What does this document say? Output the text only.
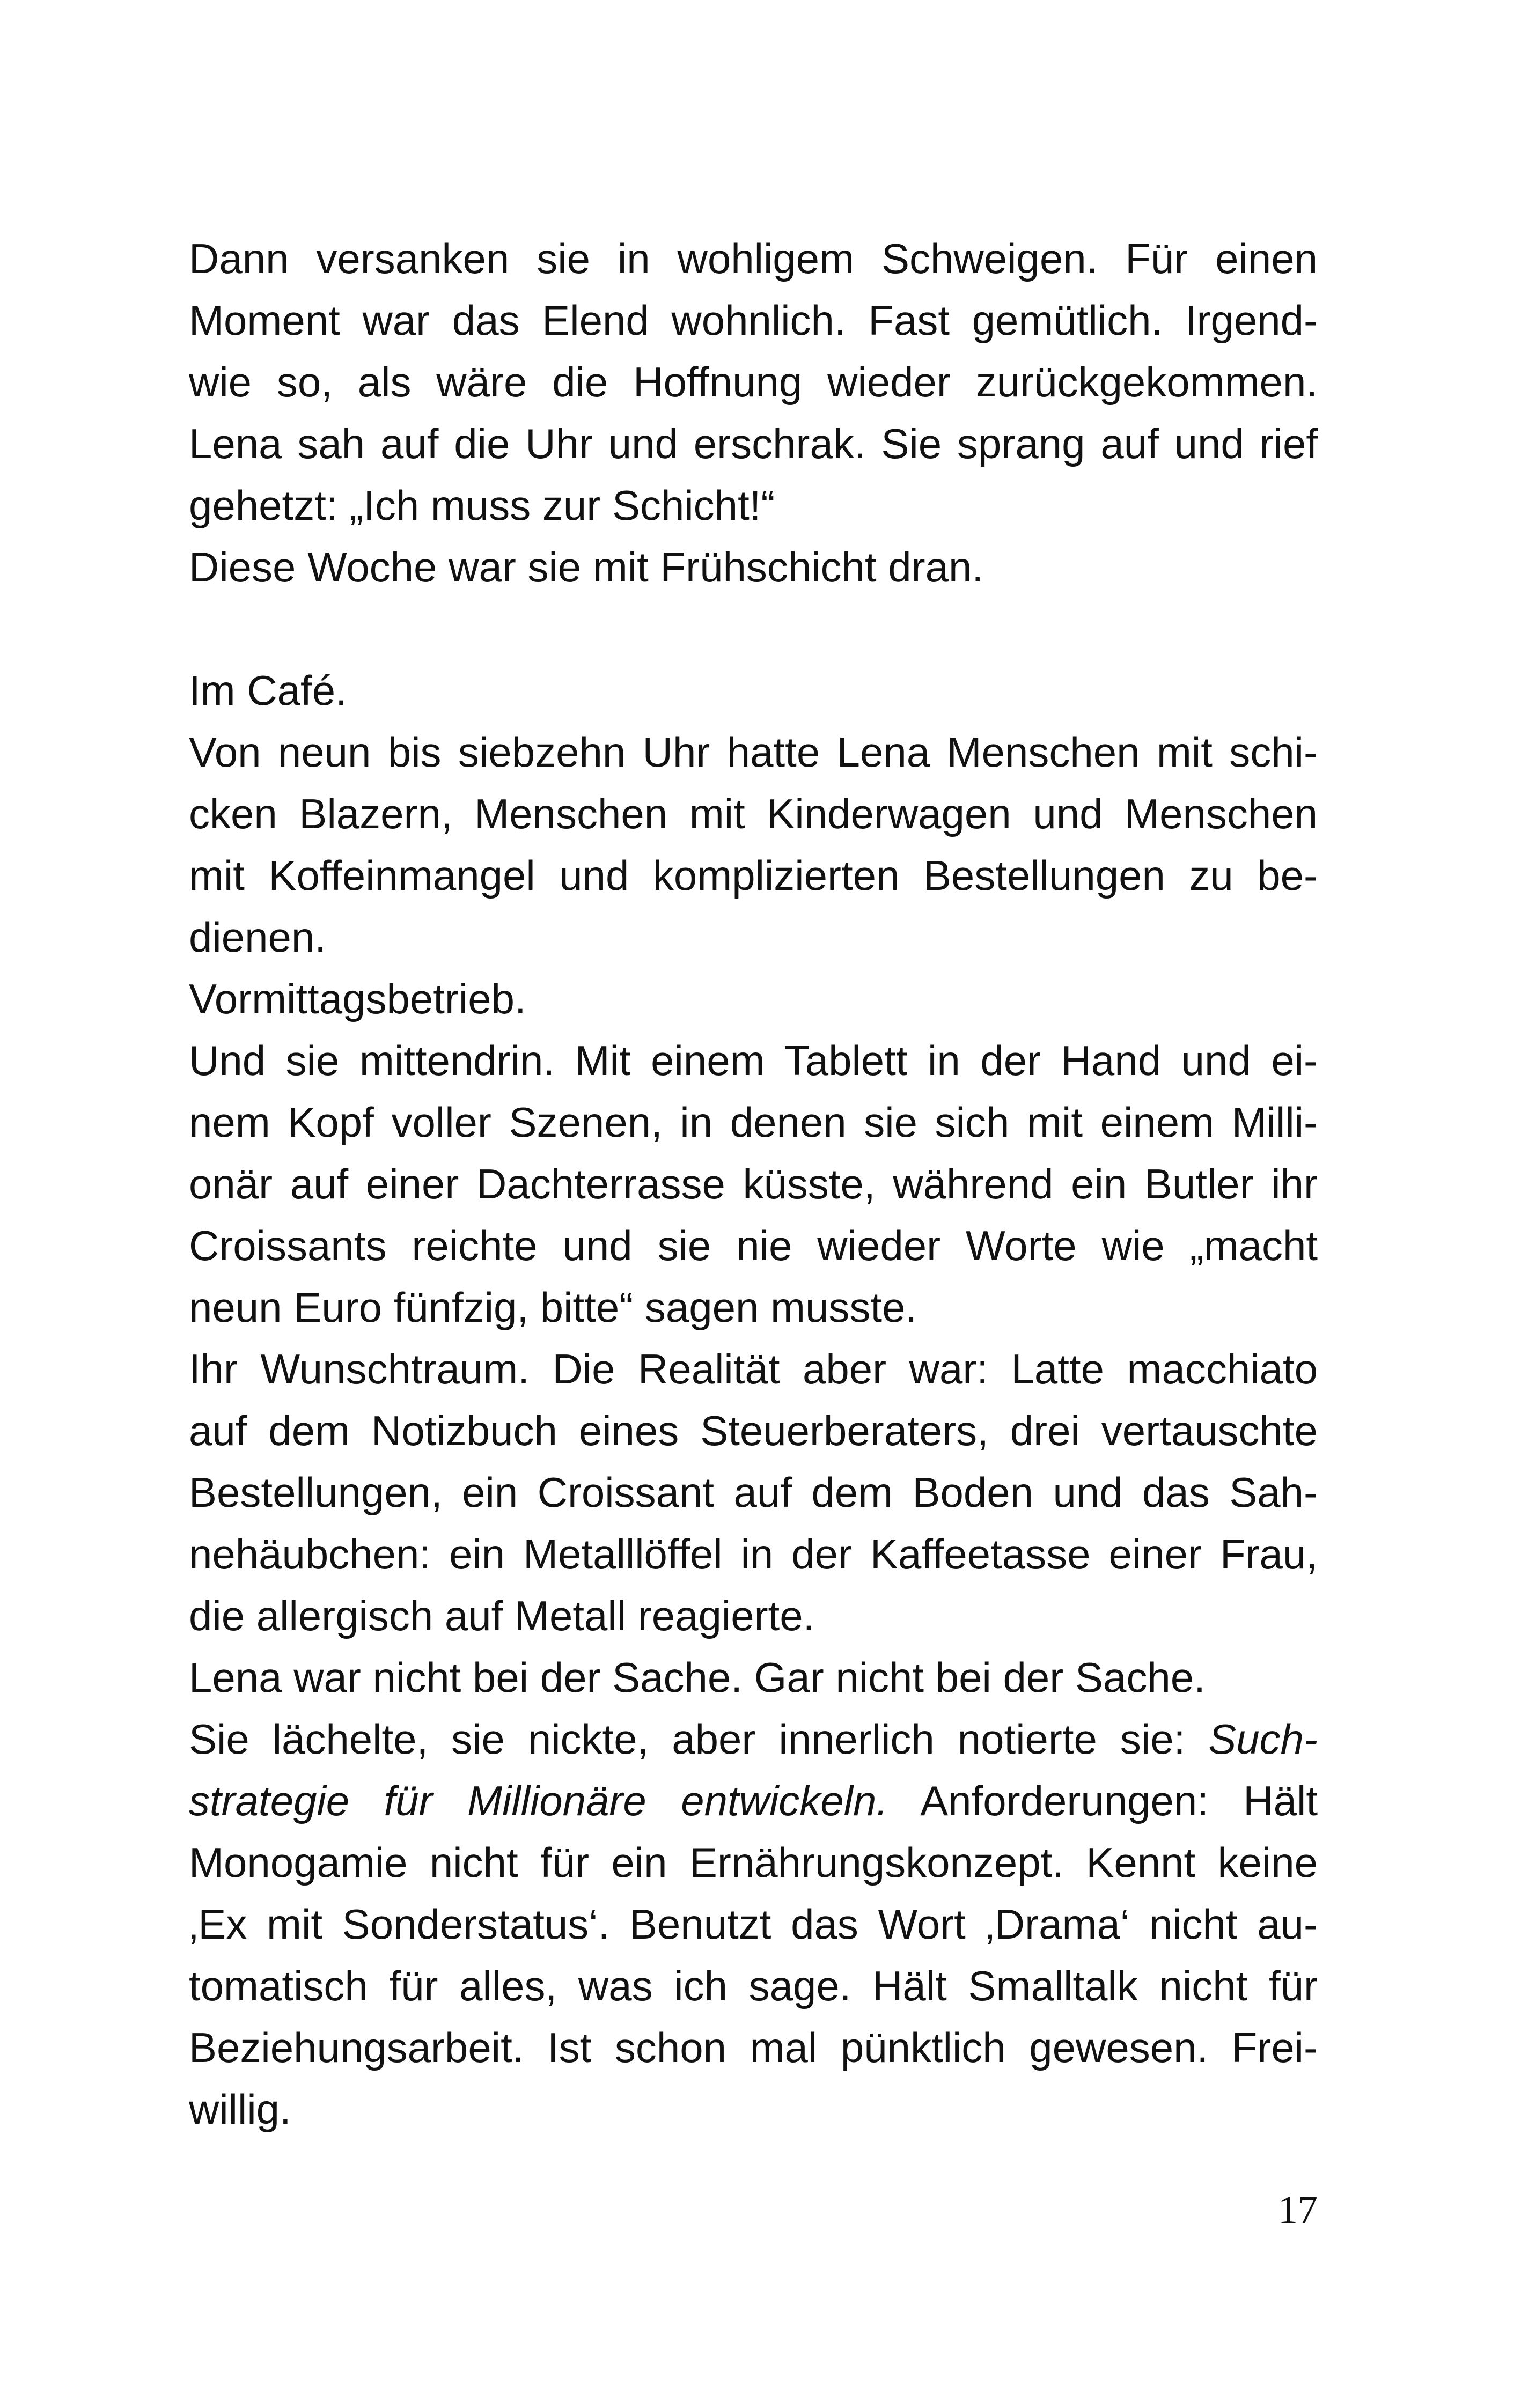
Dann versanken sie in wohligem Schweigen. Für einen
Moment war das Elend wohnlich. Fast gemütlich. Irgend-
wie so, als wäre die Hoffnung wieder zurückgekommen.
Lena sah auf die Uhr und erschrak. Sie sprang auf und rief
gehetzt: „Ich muss zur Schicht!“
Diese Woche war sie mit Frühschicht dran.
Im Café.
Von neun bis siebzehn Uhr hatte Lena Menschen mit schi-
cken Blazern, Menschen mit Kinderwagen und Menschen
mit Koffeinmangel und komplizierten Bestellungen zu be-
dienen.
Vormittagsbetrieb.
Und sie mittendrin. Mit einem Tablett in der Hand und ei-
nem Kopf voller Szenen, in denen sie sich mit einem Milli-
onär auf einer Dachterrasse küsste, während ein Butler ihr
Croissants reichte und sie nie wieder Worte wie „macht
neun Euro fünfzig, bitte“ sagen musste.
Ihr Wunschtraum. Die Realität aber war: Latte macchiato
auf dem Notizbuch eines Steuerberaters, drei vertauschte
Bestellungen, ein Croissant auf dem Boden und das Sah-
nehäubchen: ein Metalllöffel in der Kaffeetasse einer Frau,
die allergisch auf Metall reagierte.
Lena war nicht bei der Sache. Gar nicht bei der Sache.
Sie lächelte, sie nickte, aber innerlich notierte sie: Such-
strategie für Millionäre entwickeln. Anforderungen: Hält
Monogamie nicht für ein Ernährungskonzept. Kennt keine
‚Ex mit Sonderstatus‘. Benutzt das Wort ‚Drama‘ nicht au-
tomatisch für alles, was ich sage. Hält Smalltalk nicht für
Beziehungsarbeit. Ist schon mal pünktlich gewesen. Frei-
willig.
17
